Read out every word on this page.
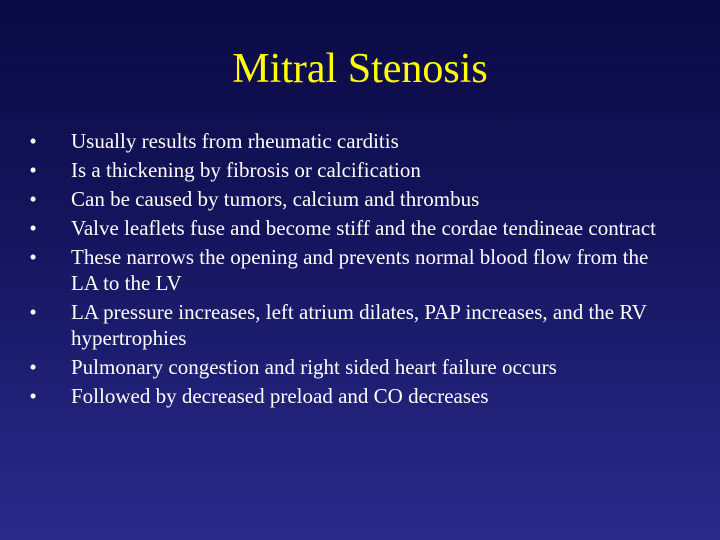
Mitral Stenosis
• Usually results from rheumatic carditis
• Is a thickening by fibrosis or calcification
• Can be caused by tumors, calcium and thrombus
• Valve leaflets fuse and become stiff and the cordae tendineae contract
• These narrows the opening and prevents normal blood flow from the LA to the LV
• LA pressure increases, left atrium dilates, PAP increases, and the RV hypertrophies
• Pulmonary congestion and right sided heart failure occurs
• Followed by decreased preload and CO decreases
